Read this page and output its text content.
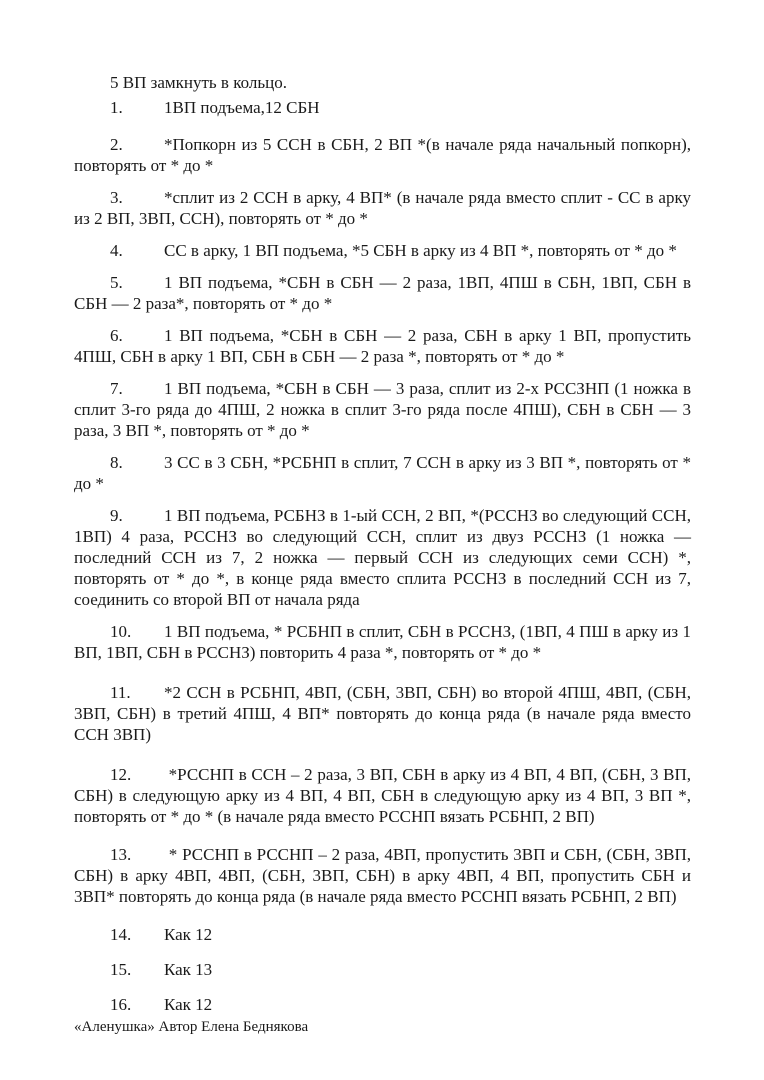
5 ВП замкнуть в кольцо.

1. 1ВП подъема,12 СБН

2. *Попкорн из 5 ССН в СБН, 2 ВП *(в начале ряда начальный попкорн), повторять от * до *

3. *сплит из 2 ССН в арку, 4 ВП* (в начале ряда вместо сплит - СС в арку из 2 ВП, 3ВП, ССН), повторять от * до *

4. СС в арку, 1 ВП подъема, *5 СБН в арку из 4 ВП *, повторять от * до *

5. 1 ВП подъема, *СБН в СБН — 2 раза, 1ВП, 4ПШ в СБН, 1ВП, СБН в СБН — 2 раза*, повторять от * до *

6. 1 ВП подъема, *СБН в СБН — 2 раза, СБН в арку 1 ВП, пропустить 4ПШ, СБН в арку 1 ВП, СБН в СБН — 2 раза *, повторять от * до *

7. 1 ВП подъема, *СБН в СБН — 3 раза, сплит из 2-х РССЗНП (1 ножка в сплит 3-го ряда до 4ПШ, 2 ножка в сплит 3-го ряда после 4ПШ), СБН в СБН — 3 раза, 3 ВП *, повторять от * до *

8. 3 СС в 3 СБН, *РСБНП в сплит, 7 ССН в арку из 3 ВП *, повторять от * до *

9. 1 ВП подъема, РСБНЗ в 1-ый ССН, 2 ВП, *(РССНЗ во следующий ССН, 1ВП) 4 раза, РССНЗ во следующий ССН, сплит из двуз РССНЗ (1 ножка — последний ССН из 7, 2 ножка — первый ССН из следующих семи ССН) *, повторять от * до *, в конце ряда вместо сплита РССНЗ в последний ССН из 7, соединить со второй ВП от начала ряда

10. 1 ВП подъема, * РСБНП в сплит, СБН в РССНЗ, (1ВП, 4 ПШ в арку из 1 ВП, 1ВП, СБН в РССНЗ) повторить 4 раза *, повторять от * до *

11. *2 ССН в РСБНП, 4ВП, (СБН, 3ВП, СБН) во второй 4ПШ, 4ВП, (СБН, 3ВП, СБН) в третий 4ПШ, 4 ВП* повторять до конца ряда (в начале ряда вместо ССН 3ВП)

12. *РССНП в ССН – 2 раза, 3 ВП, СБН в арку из 4 ВП, 4 ВП, (СБН, 3 ВП, СБН) в следующую арку из 4 ВП, 4 ВП, СБН в следующую арку из 4 ВП, 3 ВП *, повторять от * до * (в начале ряда вместо РССНП вязать РСБНП, 2 ВП)

13. * РССНП в РССНП – 2 раза, 4ВП, пропустить 3ВП и СБН, (СБН, 3ВП, СБН) в арку 4ВП, 4ВП, (СБН, 3ВП, СБН) в арку 4ВП, 4 ВП, пропустить СБН и 3ВП* повторять до конца ряда (в начале ряда вместо РССНП вязать РСБНП, 2 ВП)

14. Как 12

15. Как 13

16. Как 12

«Аленушка» Автор Елена Беднякова
